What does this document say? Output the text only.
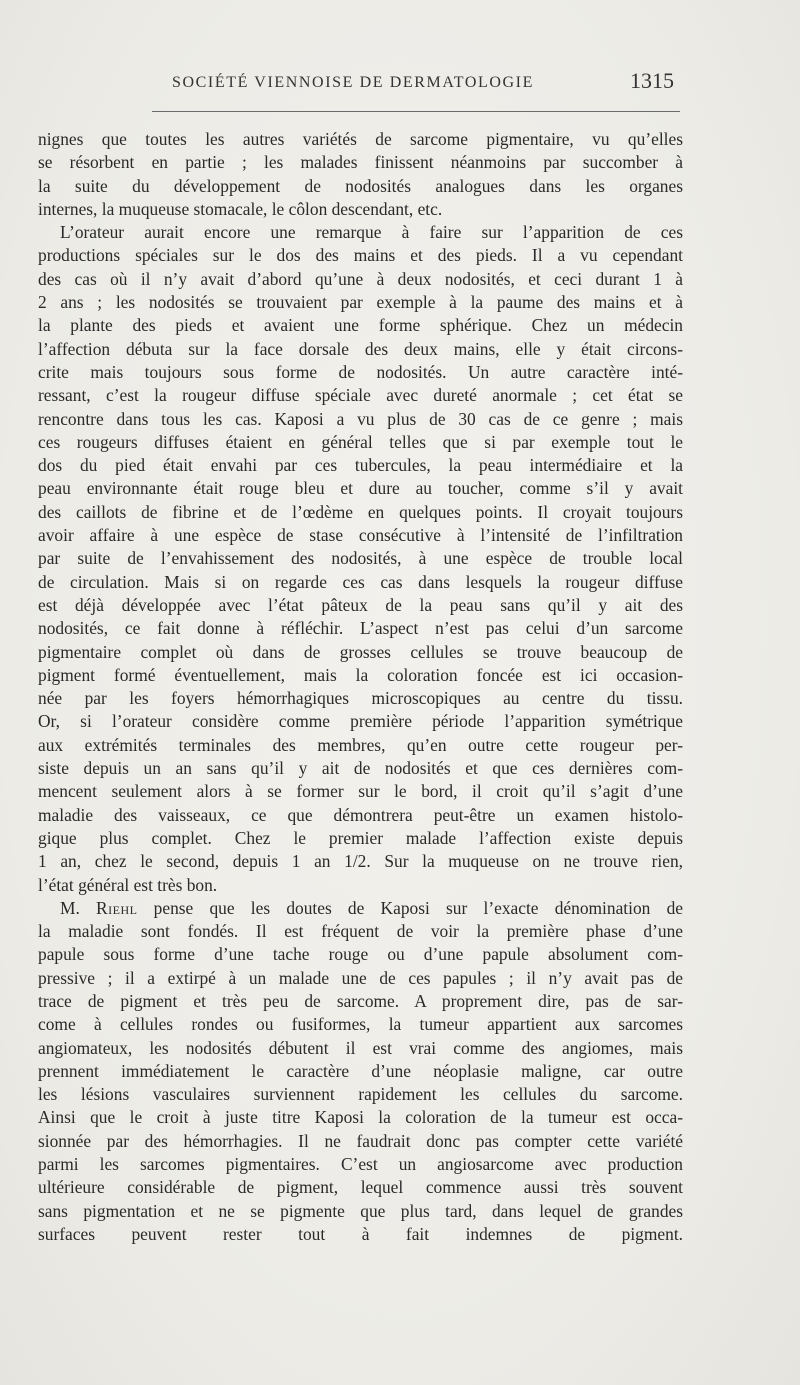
SOCIÉTÉ VIENNOISE DE DERMATOLOGIE	1315
nignes que toutes les autres variétés de sarcome pigmentaire, vu qu’elles
se résorbent en partie ; les malades finissent néanmoins par succomber à
la suite du développement de nodosités analogues dans les organes
internes, la muqueuse stomacale, le côlon descendant, etc.
L’orateur aurait encore une remarque à faire sur l’apparition de ces
productions spéciales sur le dos des mains et des pieds. Il a vu cependant
des cas où il n’y avait d’abord qu’une à deux nodosités, et ceci durant 1 à
2 ans ; les nodosités se trouvaient par exemple à la paume des mains et à
la plante des pieds et avaient une forme sphérique. Chez un médecin
l’affection débuta sur la face dorsale des deux mains, elle y était circons-
crite mais toujours sous forme de nodosités. Un autre caractère inté-
ressant, c’est la rougeur diffuse spéciale avec dureté anormale ; cet état se
rencontre dans tous les cas. Kaposi a vu plus de 30 cas de ce genre ; mais
ces rougeurs diffuses étaient en général telles que si par exemple tout le
dos du pied était envahi par ces tubercules, la peau intermédiaire et la
peau environnante était rouge bleu et dure au toucher, comme s’il y avait
des caillots de fibrine et de l’œdème en quelques points. Il croyait toujours
avoir affaire à une espèce de stase consécutive à l’intensité de l’infiltration
par suite de l’envahissement des nodosités, à une espèce de trouble local
de circulation. Mais si on regarde ces cas dans lesquels la rougeur diffuse
est déjà développée avec l’état pâteux de la peau sans qu’il y ait des
nodosités, ce fait donne à réfléchir. L’aspect n’est pas celui d’un sarcome
pigmentaire complet où dans de grosses cellules se trouve beaucoup de
pigment formé éventuellement, mais la coloration foncée est ici occasion-
née par les foyers hémorrhagiques microscopiques au centre du tissu.
Or, si l’orateur considère comme première période l’apparition symétrique
aux extrémités terminales des membres, qu’en outre cette rougeur per-
siste depuis un an sans qu’il y ait de nodosités et que ces dernières com-
mencent seulement alors à se former sur le bord, il croit qu’il s’agit d’une
maladie des vaisseaux, ce que démontrera peut-être un examen histolo-
gique plus complet. Chez le premier malade l’affection existe depuis
1 an, chez le second, depuis 1 an 1/2. Sur la muqueuse on ne trouve rien,
l’état général est très bon.
M. Riehl pense que les doutes de Kaposi sur l’exacte dénomination de
la maladie sont fondés. Il est fréquent de voir la première phase d’une
papule sous forme d’une tache rouge ou d’une papule absolument com-
pressive ; il a extirpé à un malade une de ces papules ; il n’y avait pas de
trace de pigment et très peu de sarcome. A proprement dire, pas de sar-
come à cellules rondes ou fusiformes, la tumeur appartient aux sarcomes
angiomateux, les nodosités débutent il est vrai comme des angiomes, mais
prennent immédiatement le caractère d’une néoplasie maligne, car outre
les lésions vasculaires surviennent rapidement les cellules du sarcome.
Ainsi que le croit à juste titre Kaposi la coloration de la tumeur est occa-
sionnée par des hémorrhagies. Il ne faudrait donc pas compter cette variété
parmi les sarcomes pigmentaires. C’est un angiosarcome avec production
ultérieure considérable de pigment, lequel commence aussi très souvent
sans pigmentation et ne se pigmente que plus tard, dans lequel de grandes
surfaces peuvent rester tout à fait indemnes de pigment.
